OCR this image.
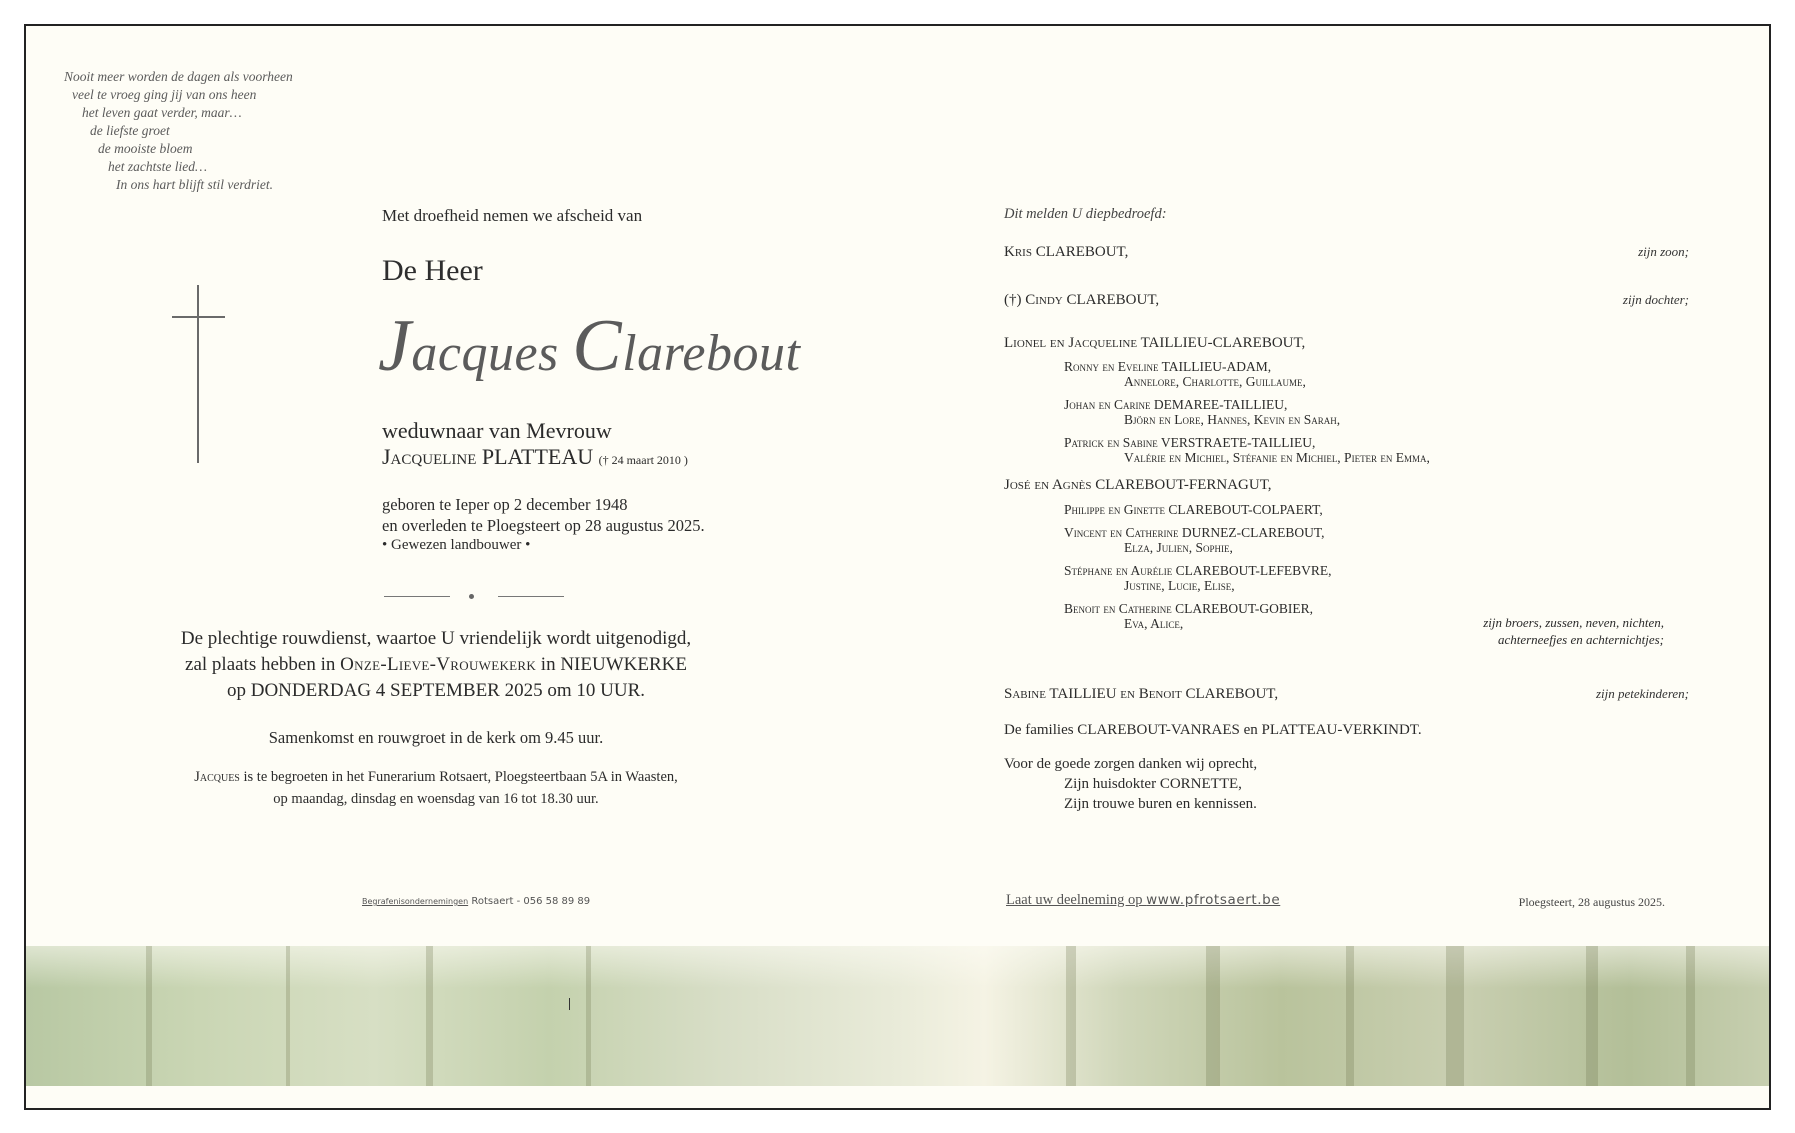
Nooit meer worden de dagen als voorheen
veel te vroeg ging jij van ons heen
het leven gaat verder, maar…
de liefste groet
de mooiste bloem
het zachtste lied…
In ons hart blijft stil verdriet.
Met droefheid nemen we afscheid van
De Heer
Jacques Clarebout
weduwnaar van Mevrouw
Jacqueline PLATTEAU († 24 maart 2010 )
geboren te Ieper op 2 december 1948
en overleden te Ploegsteert op 28 augustus 2025.
• Gewezen landbouwer •
De plechtige rouwdienst, waartoe U vriendelijk wordt uitgenodigd,
zal plaats hebben in Onze-Lieve-Vrouwekerk in NIEUWKERKE
op DONDERDAG 4 SEPTEMBER 2025 om 10 UUR.
Samenkomst en rouwgroet in de kerk om 9.45 uur.
Jacques is te begroeten in het Funerarium Rotsaert, Ploegsteertbaan 5A in Waasten,
op maandag, dinsdag en woensdag van 16 tot 18.30 uur.
Begrafenisondernemingen Rotsaert - 056 58 89 89
Dit melden U diepbedroefd:
Kris CLAREBOUT,	zijn zoon;
(†) Cindy CLAREBOUT,	zijn dochter;
Lionel en Jacqueline TAILLIEU-CLAREBOUT,
Ronny en Eveline TAILLIEU-ADAM,
Annelore, Charlotte, Guillaume,
Johan en Carine DEMAREE-TAILLIEU,
Björn en Lore, Hannes, Kevin en Sarah,
Patrick en Sabine VERSTRAETE-TAILLIEU,
Valérie en Michiel, Stéfanie en Michiel, Pieter en Emma,
José en Agnès CLAREBOUT-FERNAGUT,
Philippe en Ginette CLAREBOUT-COLPAERT,
Vincent en Catherine DURNEZ-CLAREBOUT,
Elza, Julien, Sophie,
Stéphane en Aurélie CLAREBOUT-LEFEBVRE,
Justine, Lucie, Elise,
Benoit en Catherine CLAREBOUT-GOBIER,
Eva, Alice,	zijn broers, zussen, neven, nichten,
achterneefjes en achternichtjes;
Sabine TAILLIEU en Benoit CLAREBOUT,	zijn petekinderen;
De families CLAREBOUT-VANRAES en PLATTEAU-VERKINDT.
Voor de goede zorgen danken wij oprecht,
Zijn huisdokter CORNETTE,
Zijn trouwe buren en kennissen.
Laat uw deelneming op www.pfrotsaert.be	Ploegsteert, 28 augustus 2025.
